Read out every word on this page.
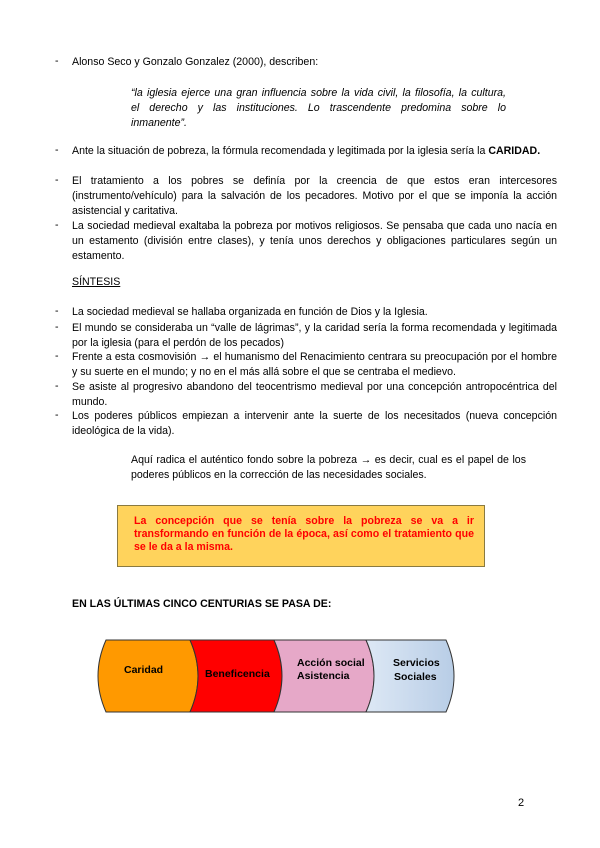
- Alonso Seco y Gonzalo Gonzalez (2000), describen:
“la iglesia ejerce una gran influencia sobre la vida civil, la filosofía, la cultura,
el derecho y las instituciones. Lo trascendente predomina sobre lo
inmanente”.
- Ante la situación de pobreza, la fórmula recomendada y legitimada por la iglesia sería la CARIDAD.
- El tratamiento a los pobres se definía por la creencia de que estos eran intercesores (instrumento/vehículo) para la salvación de los pecadores. Motivo por el que se imponía la acción asistencial y caritativa.
- La sociedad medieval exaltaba la pobreza por motivos religiosos. Se pensaba que cada uno nacía en un estamento (división entre clases), y tenía unos derechos y obligaciones particulares según un estamento.
SÍNTESIS
- La sociedad medieval se hallaba organizada en función de Dios y la Iglesia.
- El mundo se consideraba un “valle de lágrimas”, y la caridad sería la forma recomendada y legitimada por la iglesia (para el perdón de los pecados)
- Frente a esta cosmovisión → el humanismo del Renacimiento centrara su preocupación por el hombre y su suerte en el mundo; y no en el más allá sobre el que se centraba el medievo.
- Se asiste al progresivo abandono del teocentrismo medieval por una concepción antropocéntrica del mundo.
- Los poderes públicos empiezan a intervenir ante la suerte de los necesitados (nueva concepción ideológica de la vida).
Aquí radica el auténtico fondo sobre la pobreza → es decir, cual es el papel de los poderes públicos en la corrección de las necesidades sociales.
La concepción que se tenía sobre la pobreza se va a ir transformando en función de la época, así como el tratamiento que se le da a la misma.
EN LAS ÚLTIMAS CINCO CENTURIAS SE PASA DE:
Caridad	Beneficencia
Acción social
Asistencia
Servicios
Sociales
2
